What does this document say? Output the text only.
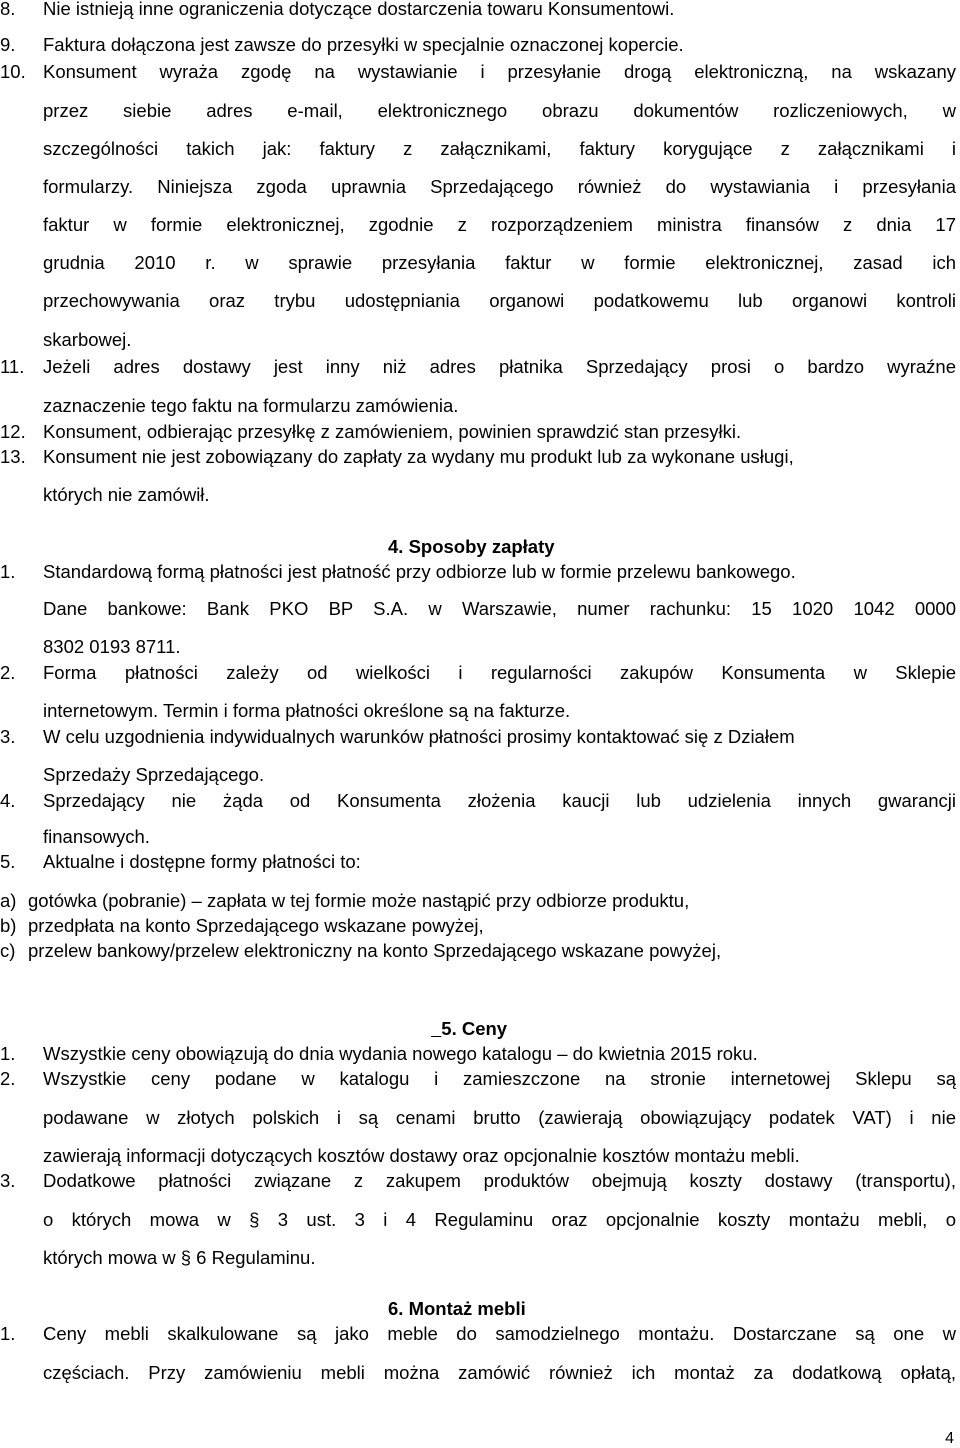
8. Nie istnieją inne ograniczenia dotyczące dostarczenia towaru Konsumentowi.
9. Faktura dołączona jest zawsze do przesyłki w specjalnie oznaczonej kopercie.
10. Konsument wyraża zgodę na wystawianie i przesyłanie drogą elektroniczną, na wskazany
przez siebie adres e-mail, elektronicznego obrazu dokumentów rozliczeniowych, w
szczególności takich jak: faktury z załącznikami, faktury korygujące z załącznikami i
formularzy. Niniejsza zgoda uprawnia Sprzedającego również do wystawiania i przesyłania
faktur w formie elektronicznej, zgodnie z rozporządzeniem ministra finansów z dnia 17
grudnia 2010 r. w sprawie przesyłania faktur w formie elektronicznej, zasad ich
przechowywania oraz trybu udostępniania organowi podatkowemu lub organowi kontroli
skarbowej.
11. Jeżeli adres dostawy jest inny niż adres płatnika Sprzedający prosi o bardzo wyraźne
zaznaczenie tego faktu na formularzu zamówienia.
12. Konsument, odbierając przesyłkę z zamówieniem, powinien sprawdzić stan przesyłki.
13. Konsument nie jest zobowiązany do zapłaty za wydany mu produkt lub za wykonane usługi,
których nie zamówił.
4. Sposoby zapłaty
1. Standardową formą płatności jest płatność przy odbiorze lub w formie przelewu bankowego.
Dane bankowe: Bank PKO BP S.A. w Warszawie, numer rachunku: 15 1020 1042 0000
8302 0193 8711.
2. Forma płatności zależy od wielkości i regularności zakupów Konsumenta w Sklepie
internetowym. Termin i forma płatności określone są na fakturze.
3. W celu uzgodnienia indywidualnych warunków płatności prosimy kontaktować się z Działem
Sprzedaży Sprzedającego.
4. Sprzedający nie żąda od Konsumenta złożenia kaucji lub udzielenia innych gwarancji
finansowych.
5. Aktualne i dostępne formy płatności to:
a) gotówka (pobranie) – zapłata w tej formie może nastąpić przy odbiorze produktu,
b) przedpłata na konto Sprzedającego wskazane powyżej,
c) przelew bankowy/przelew elektroniczny na konto Sprzedającego wskazane powyżej,
5. Ceny
1. Wszystkie ceny obowiązują do dnia wydania nowego katalogu – do kwietnia 2015 roku.
2. Wszystkie ceny podane w katalogu i zamieszczone na stronie internetowej Sklepu są
podawane w złotych polskich i są cenami brutto (zawierają obowiązujący podatek VAT) i nie
zawierają informacji dotyczących kosztów dostawy oraz opcjonalnie kosztów montażu mebli.
3. Dodatkowe płatności związane z zakupem produktów obejmują koszty dostawy (transportu),
o których mowa w § 3 ust. 3 i 4 Regulaminu oraz opcjonalnie koszty montażu mebli, o
których mowa w § 6 Regulaminu.
6. Montaż mebli
1. Ceny mebli skalkulowane są jako meble do samodzielnego montażu. Dostarczane są one w
częściach. Przy zamówieniu mebli można zamówić również ich montaż za dodatkową opłatą,
4
